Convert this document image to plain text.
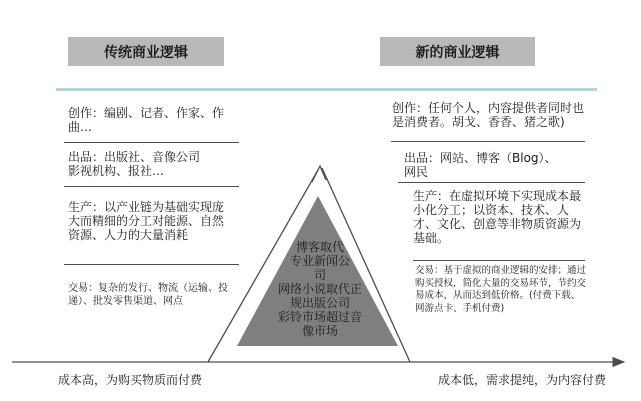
传统商业逻辑	新的商业逻辑
创作：编剧、记者、作家、作曲…
出品：出版社、音像公司
影视机构、报社…
生产：以产业链为基础实现庞大而精细的分工对能源、自然资源、人力的大量消耗
交易：复杂的发行、物流（运输、投递）、批发零售渠道、网点
创作：任何个人，内容提供者同时也是消费者。胡戈、香香、猪之歌)
出品：网站、博客（Blog）、
网民
生产：在虚拟环境下实现成本最小化分工；以资本、技术、人才、文化、创意等非物质资源为基础。
交易：基于虚拟的商业逻辑的安排；通过购买授权，简化大量的交易环节，节约交易成本，从而达到低价格。(付费下载、网游点卡、手机付费)
博客取代
专业新闻公
司
网络小说取代正
规出版公司
彩铃市场超过音
像市场
成本高，为购买物质而付费	成本低，需求提纯，为内容付费
